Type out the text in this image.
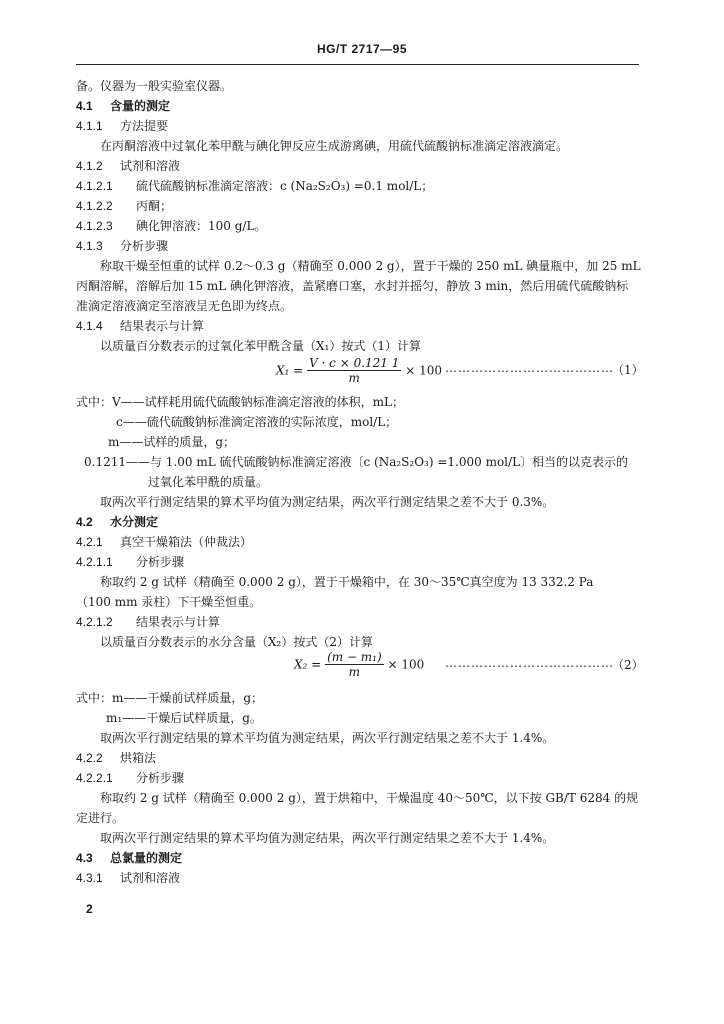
HG/T 2717—95
备。仪器为一般实验室仪器。
4.1 含量的测定
4.1.1 方法提要
在丙酮溶液中过氧化苯甲酰与碘化钾反应生成游离碘，用硫代硫酸钠标准滴定溶液滴定。
4.1.2 试剂和溶液
4.1.2.1 硫代硫酸钠标准滴定溶液：c (Na₂S₂O₃) =0.1 mol/L；
4.1.2.2 丙酮；
4.1.2.3 碘化钾溶液：100 g/L。
4.1.3 分析步骤
称取干燥至恒重的试样 0.2～0.3 g（精确至 0.000 2 g），置于干燥的 250 mL 碘量瓶中，加 25 mL
丙酮溶解，溶解后加 15 mL 碘化钾溶液，盖紧磨口塞，水封并摇匀，静放 3 min，然后用硫代硫酸钠标
准滴定溶液滴定至溶液呈无色即为终点。
4.1.4 结果表示与计算
以质量百分数表示的过氧化苯甲酰含量（X₁）按式（1）计算
$X_1 = \frac{V \cdot c \times 0.121 1}{m} \times 100$ …………………………………
（1）
式中：V——试样耗用硫代硫酸钠标准滴定溶液的体积，mL；
c——硫代硫酸钠标准滴定溶液的实际浓度，mol/L；
m——试样的质量，g；
0.1211——与 1.00 mL 硫代硫酸钠标准滴定溶液〔c (Na₂S₂O₃) =1.000 mol/L〕相当的以克表示的
过氧化苯甲酰的质量。
取两次平行测定结果的算术平均值为测定结果，两次平行测定结果之差不大于 0.3%。
4.2 水分测定
4.2.1 真空干燥箱法（仲裁法）
4.2.1.1 分析步骤
称取约 2 g 试样（精确至 0.000 2 g），置于干燥箱中，在 30～35℃真空度为 13 332.2 Pa
（100 mm 汞柱）下干燥至恒重。
4.2.1.2 结果表示与计算
以质量百分数表示的水分含量（X₂）按式（2）计算
$X_2 = \frac{\text{(m − m₁)}}{m} \times 100$ …………………………………
（2）
式中：m——干燥前试样质量，g；
m₁——干燥后试样质量，g。
取两次平行测定结果的算术平均值为测定结果，两次平行测定结果之差不大于 1.4%。
4.2.2 烘箱法
4.2.2.1 分析步骤
称取约 2 g 试样（精确至 0.000 2 g），置于烘箱中，干燥温度 40～50℃，以下按 GB/T 6284 的规
定进行。
取两次平行测定结果的算术平均值为测定结果，两次平行测定结果之差不大于 1.4%。
4.3 总氯量的测定
4.3.1 试剂和溶液
2
